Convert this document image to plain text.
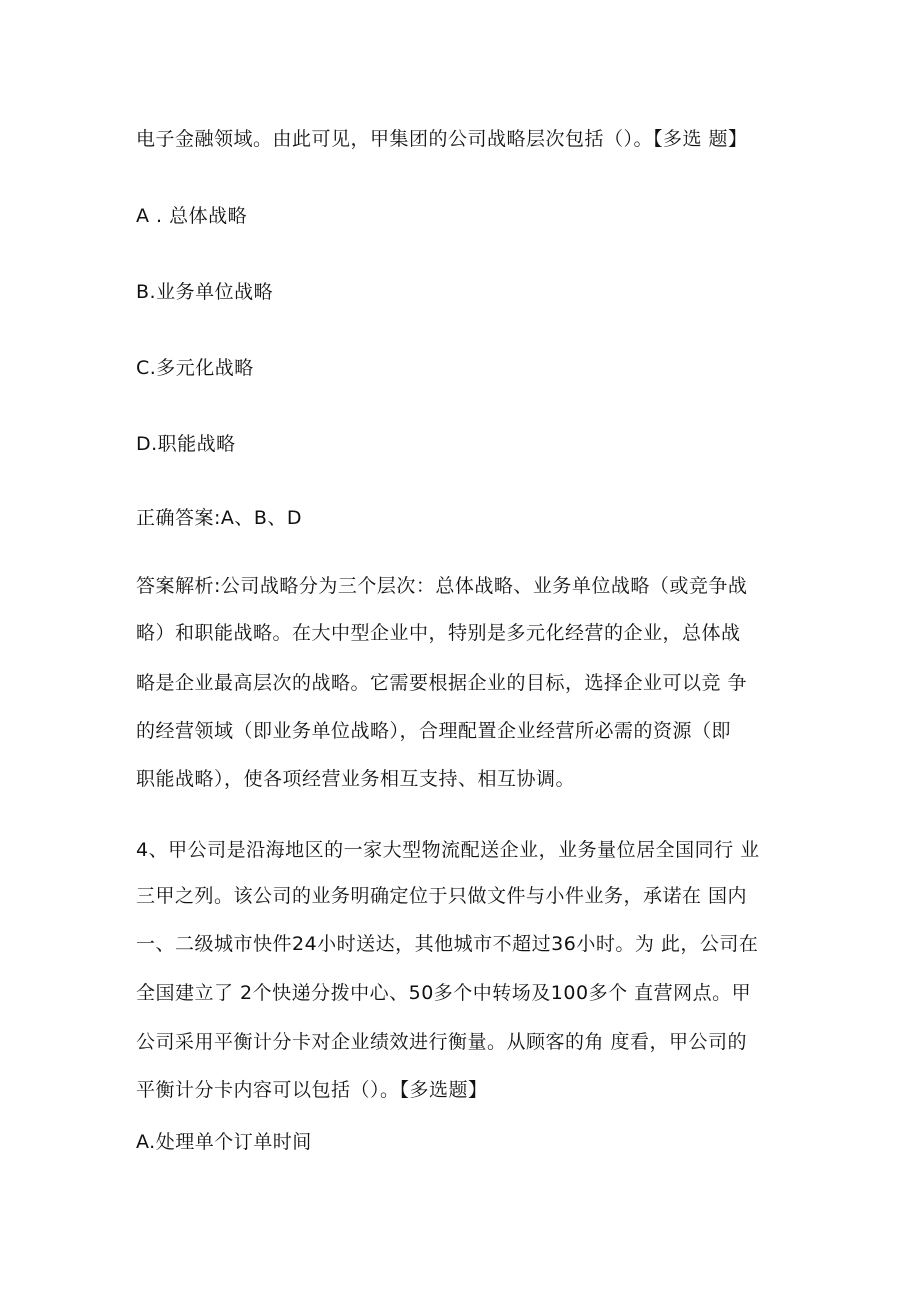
电子金融领域。由此可见，甲集团的公司战略层次包括（）。【多选 题】
A . 总体战略
B.业务单位战略
C.多元化战略
D.职能战略
正确答案:A、B、D
答案解析:公司战略分为三个层次：总体战略、业务单位战略（或竞争战
略）和职能战略。在大中型企业中，特别是多元化经营的企业，总体战
略是企业最高层次的战略。它需要根据企业的目标，选择企业可以竞 争
的经营领域（即业务单位战略），合理配置企业经营所必需的资源（即
职能战略），使各项经营业务相互支持、相互协调。
4、甲公司是沿海地区的一家大型物流配送企业，业务量位居全国同行 业
三甲之列。该公司的业务明确定位于只做文件与小件业务，承诺在 国内
一、二级城市快件24小时送达，其他城市不超过36小时。为 此，公司在
全国建立了 2个快递分拨中心、50多个中转场及100多个 直营网点。甲
公司采用平衡计分卡对企业绩效进行衡量。从顾客的角 度看，甲公司的
平衡计分卡内容可以包括（）。【多选题】
A.处理单个订单时间
